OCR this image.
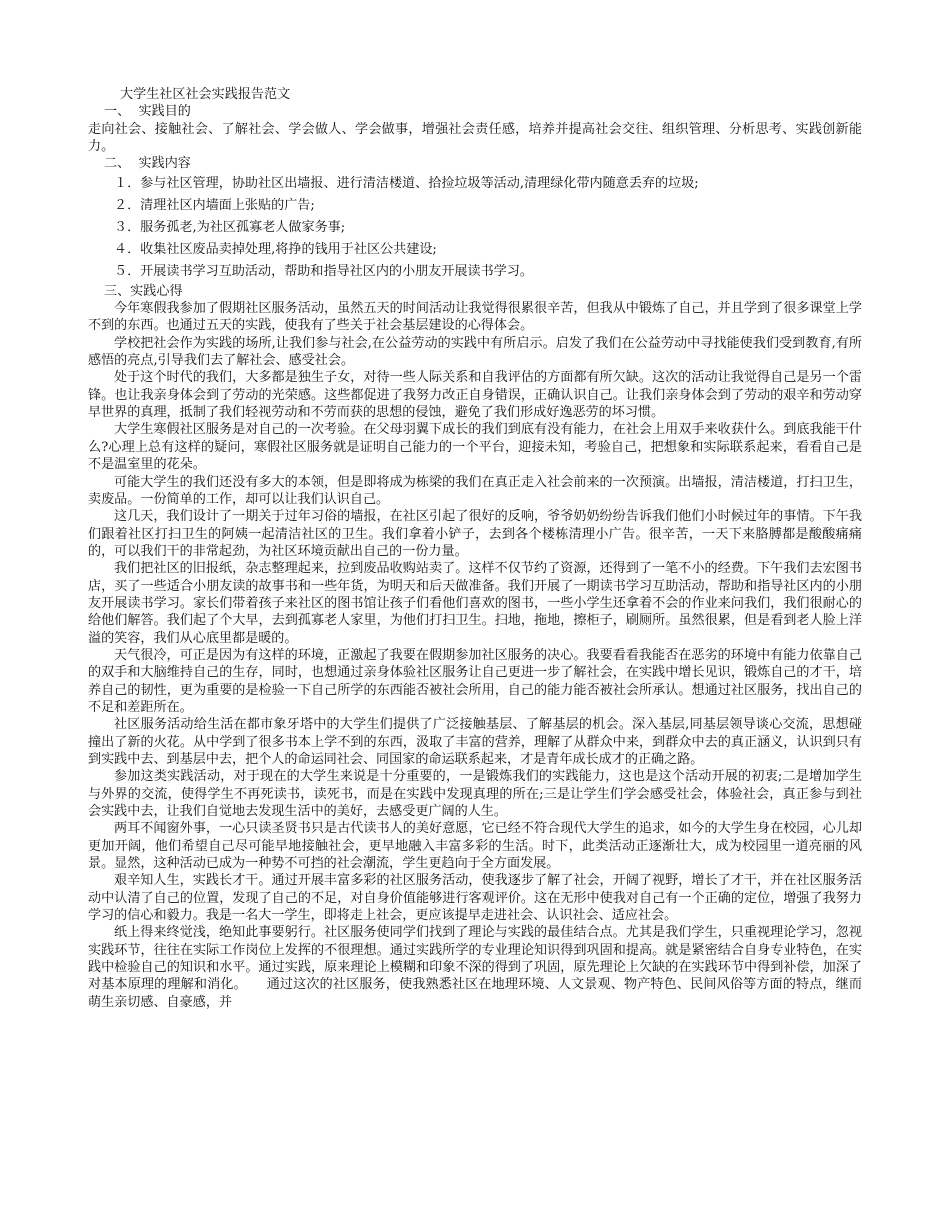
大学生社区社会实践报告范文
一、  实践目的

走向社会、接触社会、了解社会、学会做人、学会做事，增强社会责任感，培养并提高社会交往、组织管理、分析思考、实践创新能力。

二、  实践内容
１．参与社区管理，协助社区出墙报、进行清洁楼道、拾捡垃圾等活动,清理绿化带内随意丢弃的垃圾;
２．清理社区内墙面上张贴的广告;
３．服务孤老,为社区孤寡老人做家务事;
４．收集社区废品卖掉处理,将挣的钱用于社区公共建设;
５．开展读书学习互助活动，帮助和指导社区内的小朋友开展读书学习。
三、实践心得

今年寒假我参加了假期社区服务活动，虽然五天的时间活动让我觉得很累很辛苦，但我从中锻炼了自己，并且学到了很多课堂上学不到的东西。也通过五天的实践，使我有了些关于社会基层建设的心得体会。

学校把社会作为实践的场所,让我们参与社会,在公益劳动的实践中有所启示。启发了我们在公益劳动中寻找能使我们受到教育,有所感悟的亮点,引导我们去了解社会、感受社会。

处于这个时代的我们，大多都是独生子女，对待一些人际关系和自我评估的方面都有所欠缺。这次的活动让我觉得自己是另一个雷锋。也让我亲身体会到了劳动的光荣感。这些都促进了我努力改正自身错误，正确认识自己。让我们亲身体会到了劳动的艰辛和劳动穿早世界的真理，抵制了我们轻视劳动和不劳而获的思想的侵蚀，避免了我们形成好逸恶劳的坏习惯。

大学生寒假社区服务是对自己的一次考验。在父母羽翼下成长的我们到底有没有能力，在社会上用双手来收获什么。到底我能干什么?心理上总有这样的疑问，寒假社区服务就是证明自己能力的一个平台，迎接未知，考验自己，把想象和实际联系起来，看看自己是不是温室里的花朵。

可能大学生的我们还没有多大的本领，但是即将成为栋梁的我们在真正走入社会前来的一次预演。出墙报，清洁楼道，打扫卫生，卖废品。一份简单的工作，却可以让我们认识自己。

这几天，我们设计了一期关于过年习俗的墙报，在社区引起了很好的反响，爷爷奶奶纷纷告诉我们他们小时候过年的事情。下午我们跟着社区打扫卫生的阿姨一起清洁社区的卫生。我们拿着小铲子，去到各个楼栋清理小广告。很辛苦，一天下来胳膊都是酸酸痛痛的，可以我们干的非常起劲，为社区环境贡献出自己的一份力量。

我们把社区的旧报纸，杂志整理起来，拉到废品收购站卖了。这样不仅节约了资源，还得到了一笔不小的经费。下午我们去宏图书店，买了一些适合小朋友读的故事书和一些年货，为明天和后天做准备。我们开展了一期读书学习互助活动，帮助和指导社区内的小朋友开展读书学习。家长们带着孩子来社区的图书馆让孩子们看他们喜欢的图书，一些小学生还拿着不会的作业来问我们，我们很耐心的给他们解答。我们起了个大早，去到孤寡老人家里，为他们打扫卫生。扫地，拖地，擦柜子，刷厕所。虽然很累，但是看到老人脸上洋溢的笑容，我们从心底里都是暖的。

天气很冷，可正是因为有这样的环境，正激起了我要在假期参加社区服务的决心。我要看看我能否在恶劣的环境中有能力依靠自己的双手和大脑维持自己的生存，同时，也想通过亲身体验社区服务让自己更进一步了解社会，在实践中增长见识，锻炼自己的才干，培养自己的韧性，更为重要的是检验一下自己所学的东西能否被社会所用，自己的能力能否被社会所承认。想通过社区服务，找出自己的不足和差距所在。

社区服务活动给生活在都市象牙塔中的大学生们提供了广泛接触基层、了解基层的机会。深入基层,同基层领导谈心交流，思想碰撞出了新的火花。从中学到了很多书本上学不到的东西，汲取了丰富的营养，理解了从群众中来，到群众中去的真正涵义，认识到只有到实践中去、到基层中去，把个人的命运同社会、同国家的命运联系起来，才是青年成长成才的正确之路。

参加这类实践活动，对于现在的大学生来说是十分重要的，一是锻炼我们的实践能力，这也是这个活动开展的初衷;二是增加学生与外界的交流，使得学生不再死读书，读死书，而是在实践中发现真理的所在;三是让学生们学会感受社会，体验社会，真正参与到社会实践中去，让我们自觉地去发现生活中的美好，去感受更广阔的人生。

两耳不闻窗外事，一心只读圣贤书只是古代读书人的美好意愿，它已经不符合现代大学生的追求，如今的大学生身在校园，心儿却更加开阔，他们希望自己尽可能早地接触社会，更早地融入丰富多彩的生活。时下，此类活动正逐渐壮大，成为校园里一道亮丽的风景。显然，这种活动已成为一种势不可挡的社会潮流，学生更趋向于全方面发展。

艰辛知人生，实践长才干。通过开展丰富多彩的社区服务活动，使我逐步了解了社会，开阔了视野，增长了才干，并在社区服务活动中认清了自己的位置，发现了自己的不足，对自身价值能够进行客观评价。这在无形中使我对自己有一个正确的定位，增强了我努力学习的信心和毅力。我是一名大一学生，即将走上社会，更应该提早走进社会、认识社会、适应社会。

纸上得来终觉浅，绝知此事要躬行。社区服务使同学们找到了理论与实践的最佳结合点。尤其是我们学生，只重视理论学习，忽视实践环节，往往在实际工作岗位上发挥的不很理想。通过实践所学的专业理论知识得到巩固和提高。就是紧密结合自身专业特色，在实践中检验自己的知识和水平。通过实践，原来理论上模糊和印象不深的得到了巩固，原先理论上欠缺的在实践环节中得到补偿，加深了对基本原理的理解和消化。　　通过这次的社区服务，使我熟悉社区在地理环境、人文景观、物产特色、民间风俗等方面的特点，继而萌生亲切感、自豪感，并
